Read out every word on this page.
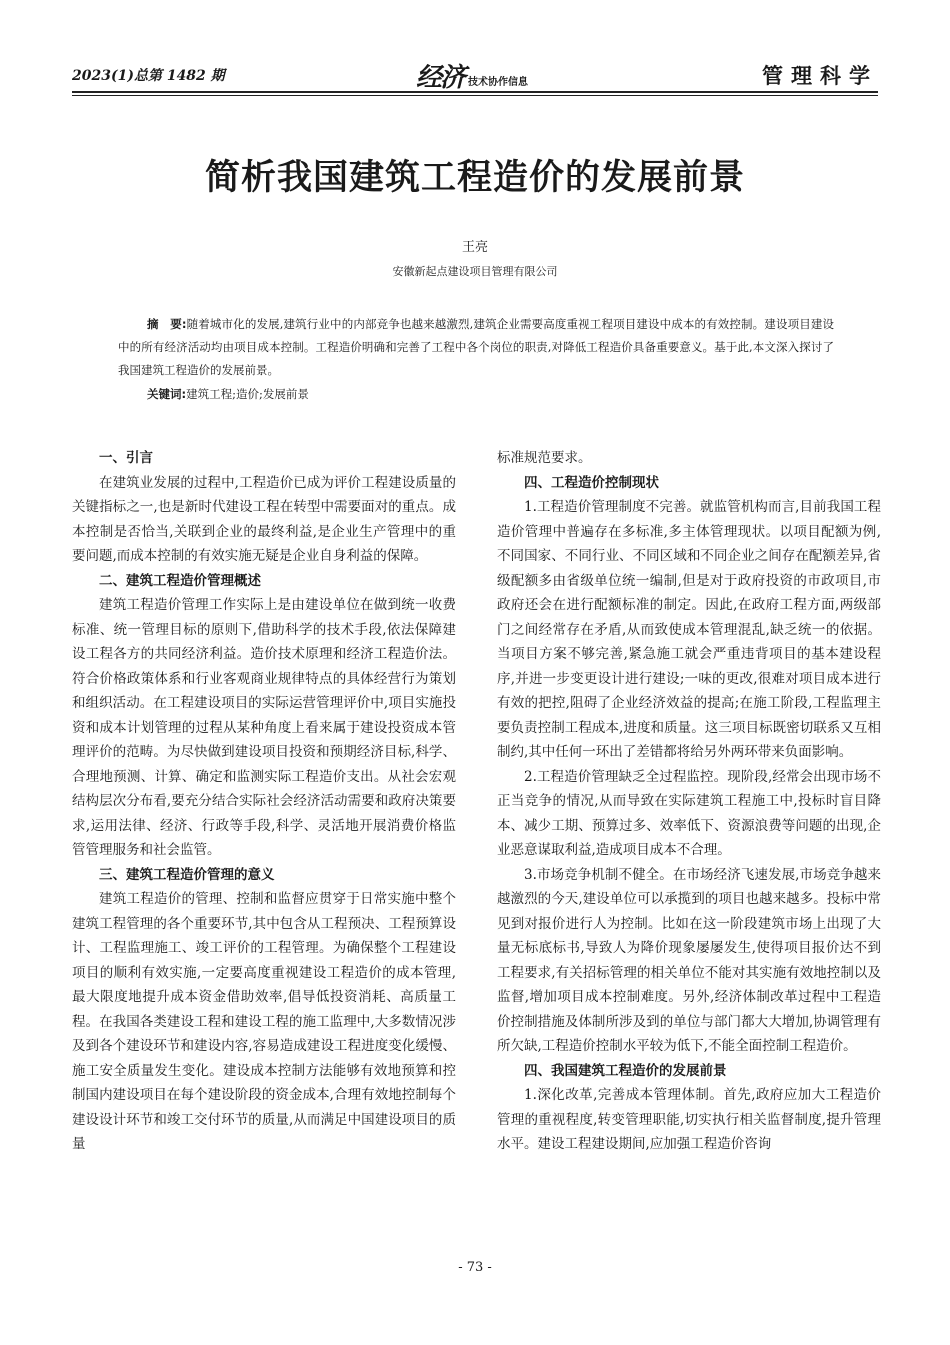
2023(1)总第 1482 期	经济 技术协作信息	管理科学
简析我国建筑工程造价的发展前景
王亮
安徽新起点建设项目管理有限公司

摘　要:随着城市化的发展,建筑行业中的内部竞争也越来越激烈,建筑企业需要高度重视工程项目建设中成本的有效控制。建设项目建设中的所有经济活动均由项目成本控制。工程造价明确和完善了工程中各个岗位的职责,对降低工程造价具备重要意义。基于此,本文深入探讨了我国建筑工程造价的发展前景。

关键词:建筑工程;造价;发展前景
一、引言

在建筑业发展的过程中,工程造价已成为评价工程建设质量的关键指标之一,也是新时代建设工程在转型中需要面对的重点。成本控制是否恰当,关联到企业的最终利益,是企业生产管理中的重要问题,而成本控制的有效实施无疑是企业自身利益的保障。

二、建筑工程造价管理概述

建筑工程造价管理工作实际上是由建设单位在做到统一收费标准、统一管理目标的原则下,借助科学的技术手段,依法保障建设工程各方的共同经济利益。造价技术原理和经济工程造价法。符合价格政策体系和行业客观商业规律特点的具体经营行为策划和组织活动。在工程建设项目的实际运营管理评价中,项目实施投资和成本计划管理的过程从某种角度上看来属于建设投资成本管理评价的范畴。为尽快做到建设项目投资和预期经济目标,科学、合理地预测、计算、确定和监测实际工程造价支出。从社会宏观结构层次分布看,要充分结合实际社会经济活动需要和政府决策要求,运用法律、经济、行政等手段,科学、灵活地开展消费价格监管管理服务和社会监管。

三、建筑工程造价管理的意义

建筑工程造价的管理、控制和监督应贯穿于日常实施中整个建筑工程管理的各个重要环节,其中包含从工程预决、工程预算设计、工程监理施工、竣工评价的工程管理。为确保整个工程建设项目的顺利有效实施,一定要高度重视建设工程造价的成本管理,最大限度地提升成本资金借助效率,倡导低投资消耗、高质量工程。在我国各类建设工程和建设工程的施工监理中,大多数情况涉及到各个建设环节和建设内容,容易造成建设工程进度变化缓慢、施工安全质量发生变化。建设成本控制方法能够有效地预算和控制国内建设项目在每个建设阶段的资金成本,合理有效地控制每个建设设计环节和竣工交付环节的质量,从而满足中国建设项目的质量

标准规范要求。

四、工程造价控制现状

1.工程造价管理制度不完善。就监管机构而言,目前我国工程造价管理中普遍存在多标准,多主体管理现状。以项目配额为例,不同国家、不同行业、不同区域和不同企业之间存在配额差异,省级配额多由省级单位统一编制,但是对于政府投资的市政项目,市政府还会在进行配额标准的制定。因此,在政府工程方面,两级部门之间经常存在矛盾,从而致使成本管理混乱,缺乏统一的依据。当项目方案不够完善,紧急施工就会严重违背项目的基本建设程序,并进一步变更设计进行建设;一味的更改,很难对项目成本进行有效的把控,阻碍了企业经济效益的提高;在施工阶段,工程监理主要负责控制工程成本,进度和质量。这三项目标既密切联系又互相制约,其中任何一环出了差错都将给另外两环带来负面影响。

2.工程造价管理缺乏全过程监控。现阶段,经常会出现市场不正当竞争的情况,从而导致在实际建筑工程施工中,投标时盲目降本、减少工期、预算过多、效率低下、资源浪费等问题的出现,企业恶意谋取利益,造成项目成本不合理。

3.市场竞争机制不健全。在市场经济飞速发展,市场竞争越来越激烈的今天,建设单位可以承揽到的项目也越来越多。投标中常见到对报价进行人为控制。比如在这一阶段建筑市场上出现了大量无标底标书,导致人为降价现象屡屡发生,使得项目报价达不到工程要求,有关招标管理的相关单位不能对其实施有效地控制以及监督,增加项目成本控制难度。另外,经济体制改革过程中工程造价控制措施及体制所涉及到的单位与部门都大大增加,协调管理有所欠缺,工程造价控制水平较为低下,不能全面控制工程造价。

四、我国建筑工程造价的发展前景

1.深化改革,完善成本管理体制。首先,政府应加大工程造价管理的重视程度,转变管理职能,切实执行相关监督制度,提升管理水平。建设工程建设期间,应加强工程造价咨询

- 73 -
